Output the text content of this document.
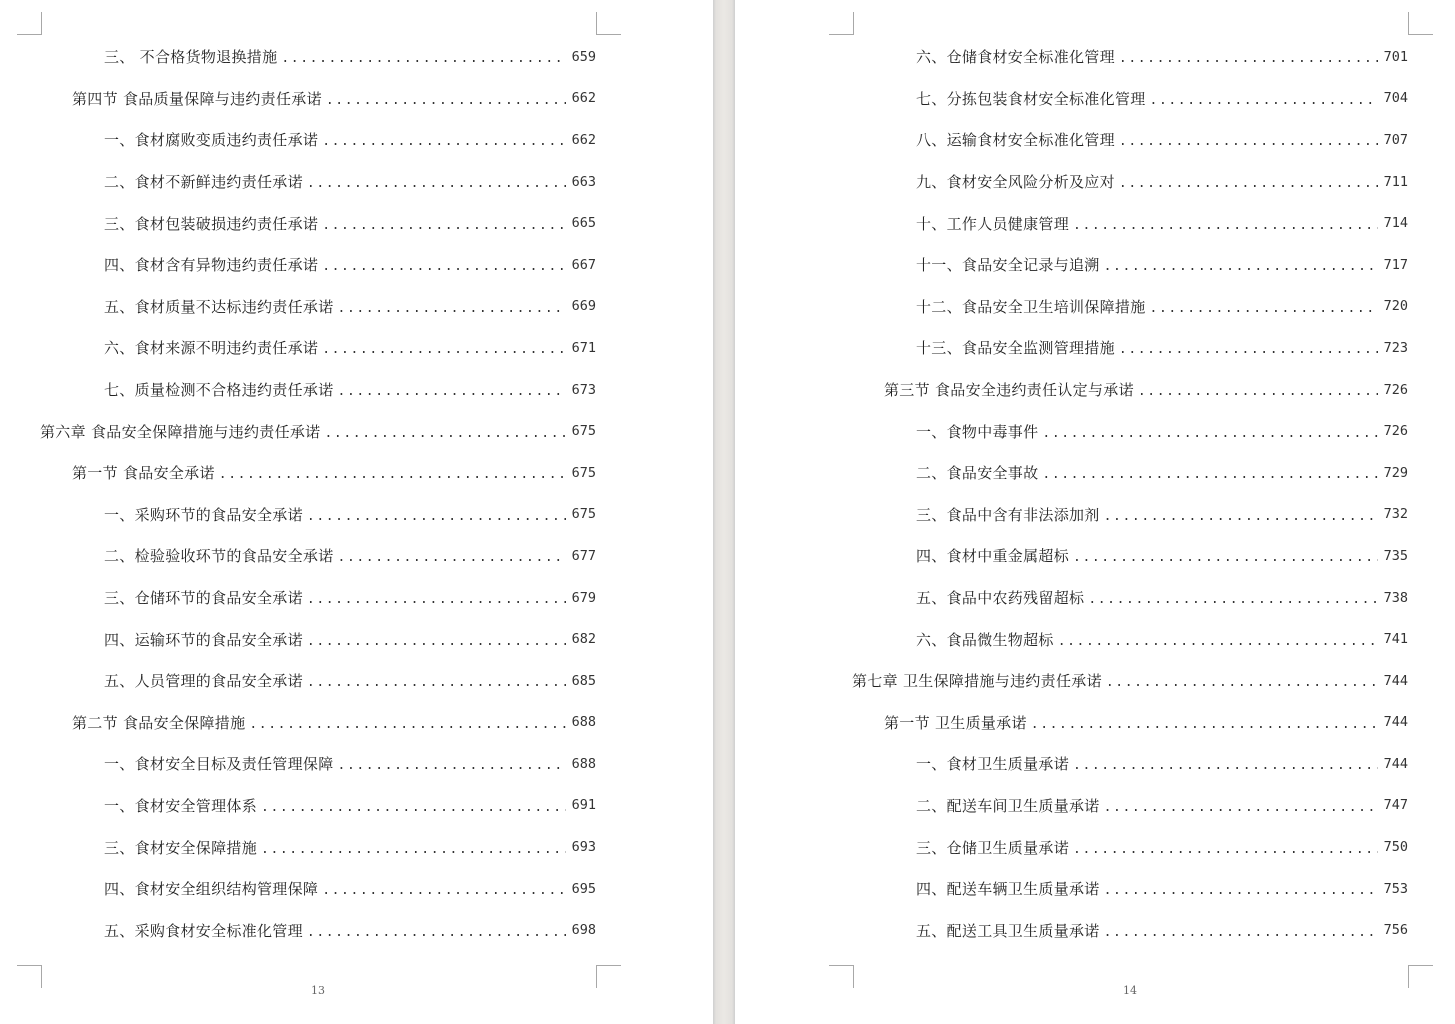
三、 不合格货物退换措施 .....	659
第四节 食品质量保障与违约责任承诺 .....	662
一、食材腐败变质违约责任承诺 .....	662
二、食材不新鲜违约责任承诺 .....	663
三、食材包装破损违约责任承诺 .....	665
四、食材含有异物违约责任承诺 .....	667
五、食材质量不达标违约责任承诺 .....	669
六、食材来源不明违约责任承诺 .....	671
七、质量检测不合格违约责任承诺 .....	673
第六章 食品安全保障措施与违约责任承诺 .....	675
第一节 食品安全承诺 .....	675
一、采购环节的食品安全承诺 .....	675
二、检验验收环节的食品安全承诺 .....	677
三、仓储环节的食品安全承诺 .....	679
四、运输环节的食品安全承诺 .....	682
五、人员管理的食品安全承诺 .....	685
第二节 食品安全保障措施 .....	688
一、食材安全目标及责任管理保障 .....	688
一、食材安全管理体系 .....	691
三、食材安全保障措施 .....	693
四、食材安全组织结构管理保障 .....	695
五、采购食材安全标准化管理 .....	698
13
六、仓储食材安全标准化管理 .....	701
七、分拣包装食材安全标准化管理 .....	704
八、运输食材安全标准化管理 .....	707
九、食材安全风险分析及应对 .....	711
十、工作人员健康管理 .....	714
十一、食品安全记录与追溯 .....	717
十二、食品安全卫生培训保障措施 .....	720
十三、食品安全监测管理措施 .....	723
第三节 食品安全违约责任认定与承诺 .....	726
一、食物中毒事件 .....	726
二、食品安全事故 .....	729
三、食品中含有非法添加剂 .....	732
四、食材中重金属超标 .....	735
五、食品中农药残留超标 .....	738
六、食品微生物超标 .....	741
第七章 卫生保障措施与违约责任承诺 .....	744
第一节 卫生质量承诺 .....	744
一、食材卫生质量承诺 .....	744
二、配送车间卫生质量承诺 .....	747
三、仓储卫生质量承诺 .....	750
四、配送车辆卫生质量承诺 .....	753
五、配送工具卫生质量承诺 .....	756
14
